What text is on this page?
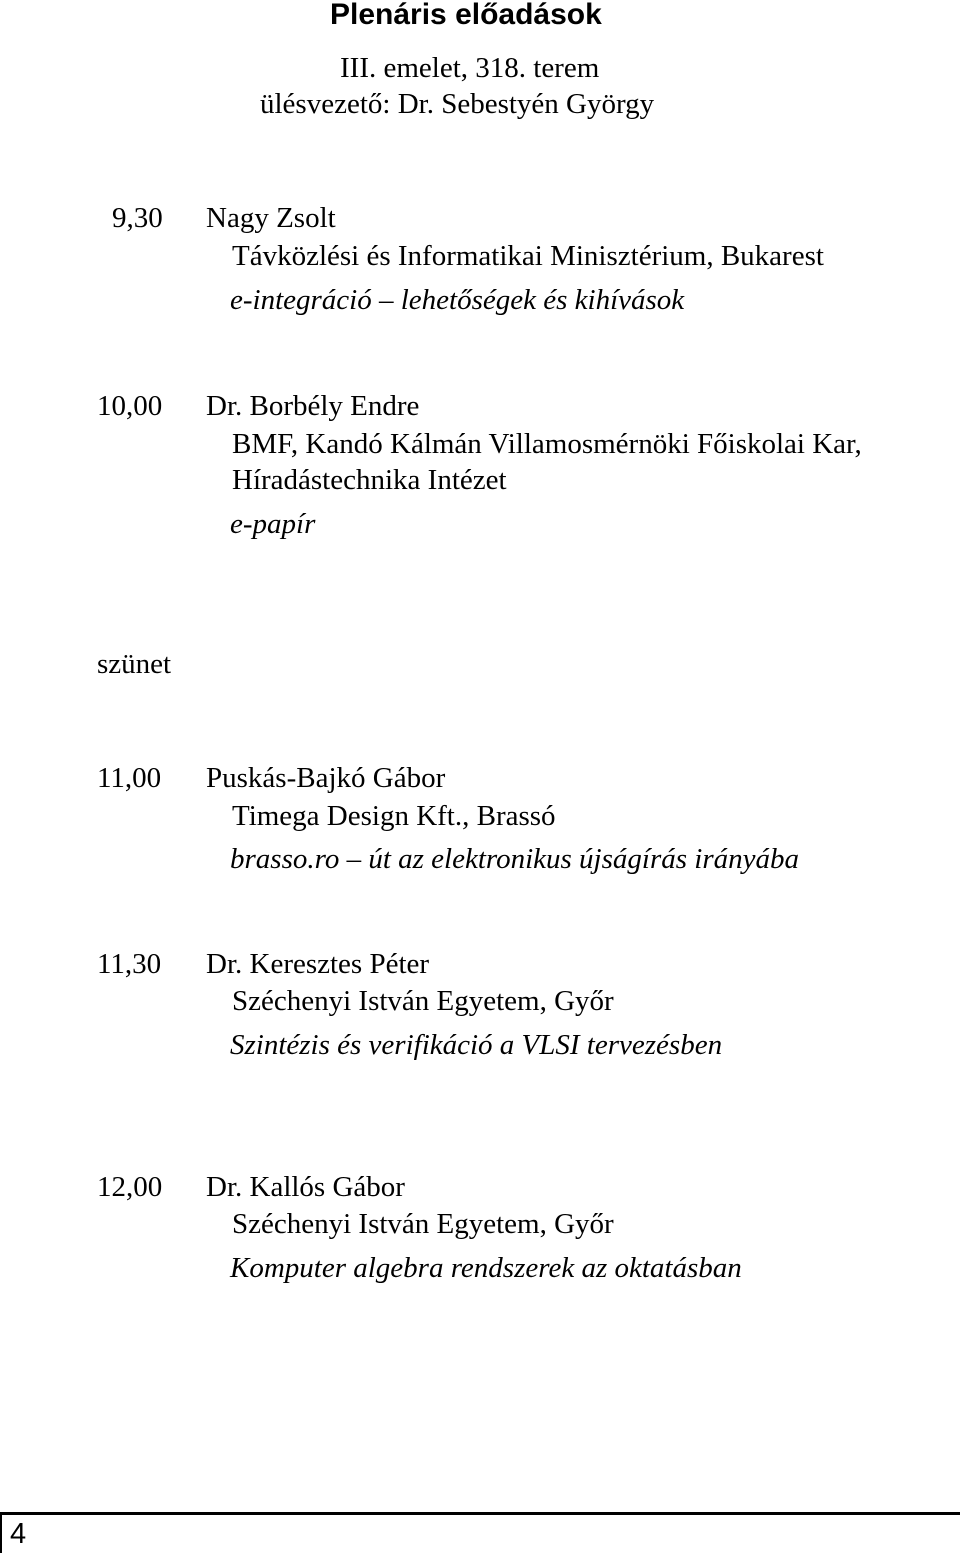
Plenáris előadások
III. emelet, 318. terem
ülésvezető: Dr. Sebestyén György
9,30 Nagy Zsolt
Távközlési és Informatikai Minisztérium, Bukarest
e-integráció – lehetőségek és kihívások
10,00 Dr. Borbély Endre
BMF, Kandó Kálmán Villamosmérnöki Főiskolai Kar,
Híradástechnika Intézet
e-papír
szünet
11,00 Puskás-Bajkó Gábor
Timega Design Kft., Brassó
brasso.ro – út az elektronikus újságírás irányába
11,30 Dr. Keresztes Péter
Széchenyi István Egyetem, Győr
Szintézis és verifikáció a VLSI tervezésben
12,00 Dr. Kallós Gábor
Széchenyi István Egyetem, Győr
Komputer algebra rendszerek az oktatásban
4
